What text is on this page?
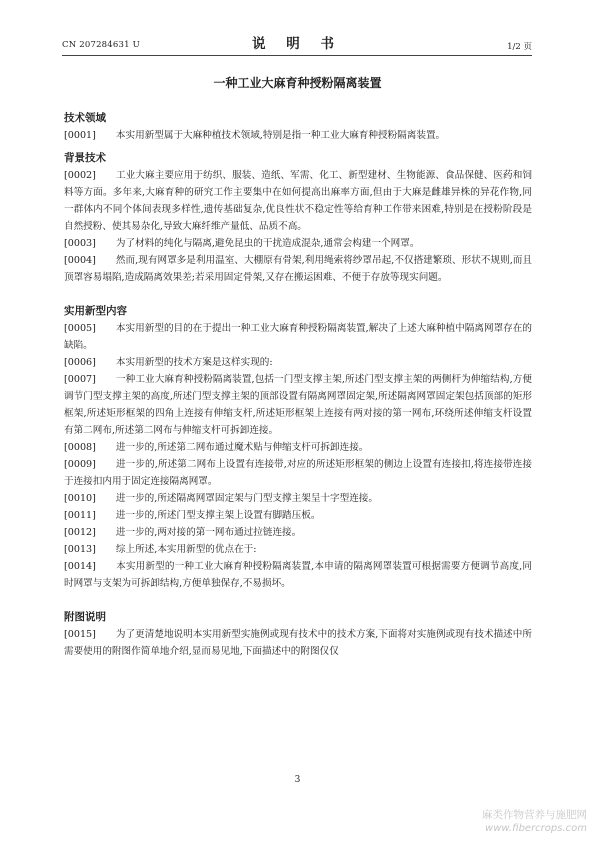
CN 207284631 U	说 明 书	1/2 页
一种工业大麻育种授粉隔离装置
技术领域
[0001] 本实用新型属于大麻种植技术领域,特别是指一种工业大麻育种授粉隔离装置。
背景技术
[0002] 工业大麻主要应用于纺织、服装、造纸、军需、化工、新型建材、生物能源、食品保健、医药和饲料等方面。多年来,大麻育种的研究工作主要集中在如何提高出麻率方面,但由于大麻是雌雄异株的异花作物,同一群体内不同个体间表现多样性,遗传基础复杂,优良性状不稳定性等给育种工作带来困难,特别是在授粉阶段是自然授粉、使其易杂化,导致大麻纤维产量低、品质不高。
[0003] 为了材料的纯化与隔离,避免昆虫的干扰造成混杂,通常会构建一个网罩。
[0004] 然而,现有网罩多是利用温室、大棚原有骨架,利用绳索将纱罩吊起,不仅搭建繁琐、形状不规则,而且顶罩容易塌陷,造成隔离效果差;若采用固定骨架,又存在搬运困难、不便于存放等现实问题。
实用新型内容
[0005] 本实用新型的目的在于提出一种工业大麻育种授粉隔离装置,解决了上述大麻种植中隔离网罩存在的缺陷。
[0006] 本实用新型的技术方案是这样实现的:
[0007] 一种工业大麻育种授粉隔离装置,包括一门型支撑主架,所述门型支撑主架的两侧杆为伸缩结构,方便调节门型支撑主架的高度,所述门型支撑主架的顶部设置有隔离网罩固定架,所述隔离网罩固定架包括顶部的矩形框架,所述矩形框架的四角上连接有伸缩支杆,所述矩形框架上连接有两对接的第一网布,环绕所述伸缩支杆设置有第二网布,所述第二网布与伸缩支杆可拆卸连接。
[0008] 进一步的,所述第二网布通过魔术贴与伸缩支杆可拆卸连接。
[0009] 进一步的,所述第二网布上设置有连接带,对应的所述矩形框架的侧边上设置有连接扣,将连接带连接于连接扣内用于固定连接隔离网罩。
[0010] 进一步的,所述隔离网罩固定架与门型支撑主架呈十字型连接。
[0011] 进一步的,所述门型支撑主架上设置有脚踏压板。
[0012] 进一步的,两对接的第一网布通过拉链连接。
[0013] 综上所述,本实用新型的优点在于:
[0014] 本实用新型的一种工业大麻育种授粉隔离装置,本申请的隔离网罩装置可根据需要方便调节高度,同时网罩与支架为可拆卸结构,方便单独保存,不易损坏。
附图说明
[0015] 为了更清楚地说明本实用新型实施例或现有技术中的技术方案,下面将对实施例或现有技术描述中所需要使用的附图作简单地介绍,显而易见地,下面描述中的附图仅仅
3
麻类作物营养与施肥网
www.fibercrops.com
